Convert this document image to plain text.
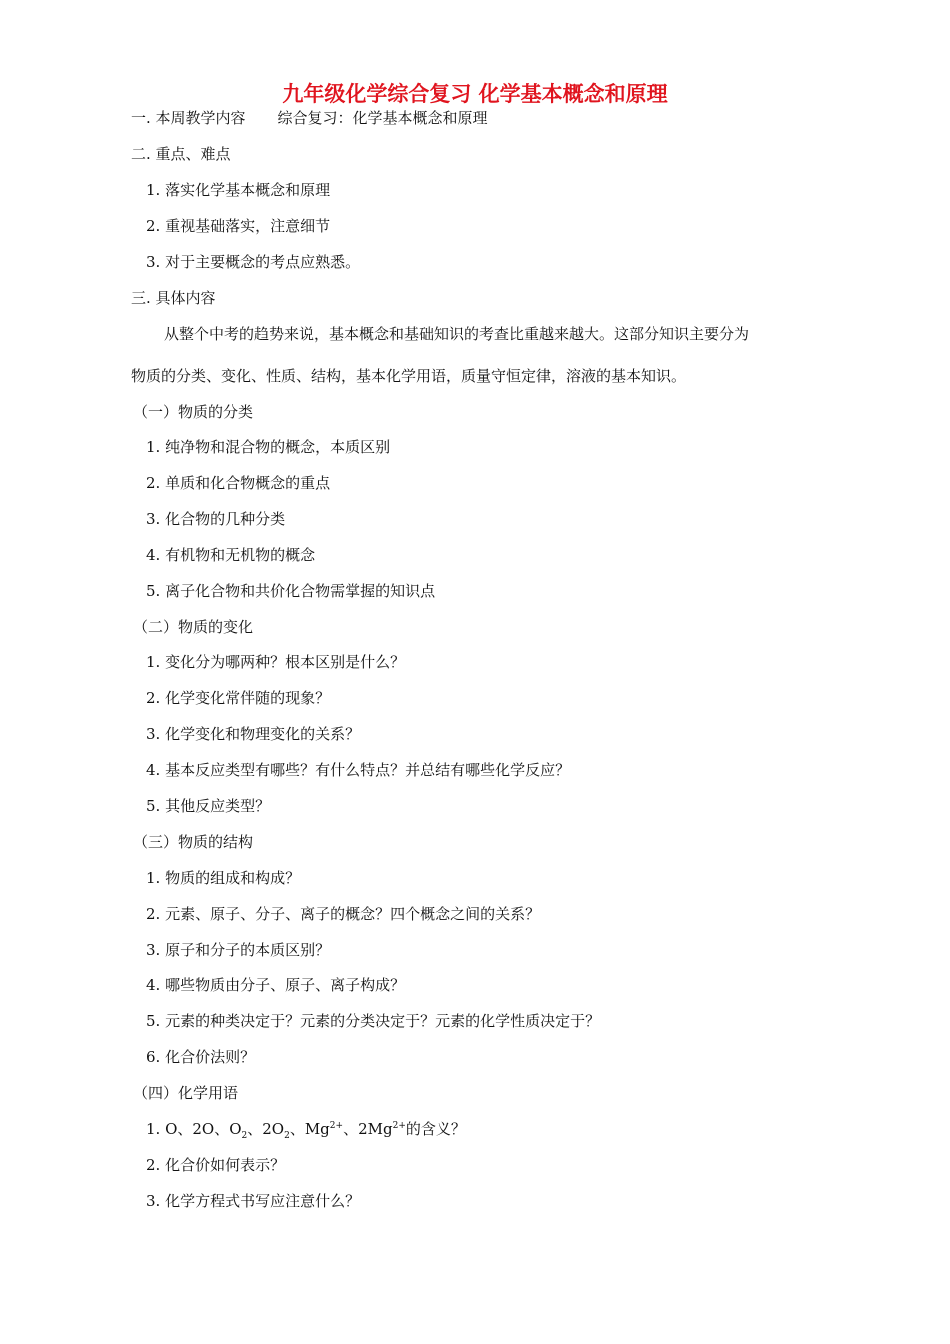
九年级化学综合复习 化学基本概念和原理
一. 本周教学内容 综合复习：化学基本概念和原理
二. 重点、难点
1. 落实化学基本概念和原理
2. 重视基础落实，注意细节
3. 对于主要概念的考点应熟悉。
三. 具体内容
从整个中考的趋势来说，基本概念和基础知识的考查比重越来越大。这部分知识主要分为
物质的分类、变化、性质、结构，基本化学用语，质量守恒定律，溶液的基本知识。
（一）物质的分类
1. 纯净物和混合物的概念，本质区别
2. 单质和化合物概念的重点
3. 化合物的几种分类
4. 有机物和无机物的概念
5. 离子化合物和共价化合物需掌握的知识点
（二）物质的变化
1. 变化分为哪两种？根本区别是什么？
2. 化学变化常伴随的现象？
3. 化学变化和物理变化的关系？
4. 基本反应类型有哪些？有什么特点？并总结有哪些化学反应？
5. 其他反应类型？
（三）物质的结构
1. 物质的组成和构成？
2. 元素、原子、分子、离子的概念？四个概念之间的关系？
3. 原子和分子的本质区别？
4. 哪些物质由分子、原子、离子构成？
5. 元素的种类决定于？元素的分类决定于？元素的化学性质决定于？
6. 化合价法则？
（四）化学用语
1. O、2O、$O_2$、$2O_2$、$Mg^{2+}$、$2Mg^{2+}$的含义？
2. 化合价如何表示？
3. 化学方程式书写应注意什么？
